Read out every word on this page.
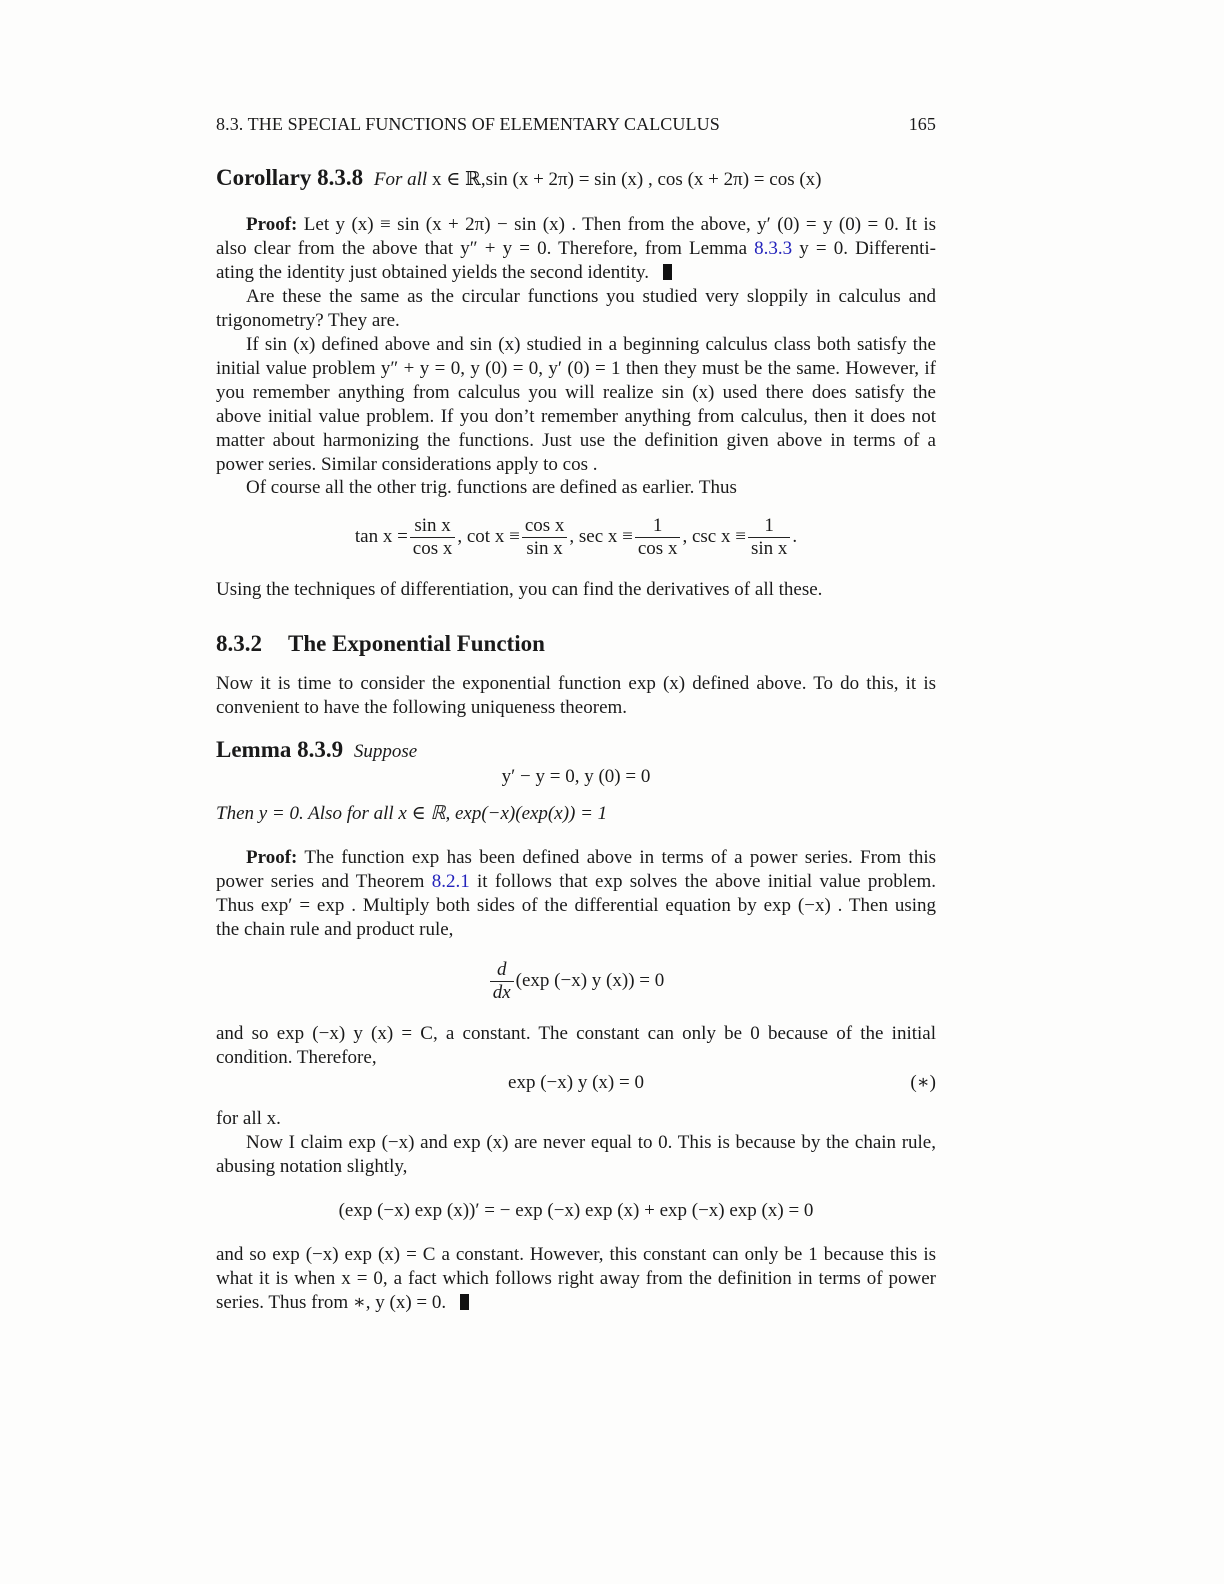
8.3. THE SPECIAL FUNCTIONS OF ELEMENTARY CALCULUS	165
Corollary 8.3.8 For all x ∈ ℝ,sin (x + 2π) = sin (x) , cos (x + 2π) = cos (x)
Proof: Let y (x) ≡ sin (x + 2π) − sin (x) . Then from the above, y′ (0) = y (0) = 0. It is
also clear from the above that y″ + y = 0. Therefore, from Lemma 8.3.3 y = 0. Differenti-
ating the identity just obtained yields the second identity.
Are these the same as the circular functions you studied very sloppily in calculus and trigonometry? They are.
If sin (x) defined above and sin (x) studied in a beginning calculus class both satisfy the initial value problem y″ + y = 0, y (0) = 0, y′ (0) = 1 then they must be the same. However, if you remember anything from calculus you will realize sin (x) used there does satisfy the above initial value problem. If you don’t remember anything from calculus, then it does not matter about harmonizing the functions. Just use the definition given above in terms of a power series. Similar considerations apply to cos .
Of course all the other trig. functions are defined as earlier. Thus
$\tan x = \frac{\text{sin x}}{\text{cos x}}$ , $\cot x \equiv \frac{\text{cos x}}{\text{sin x}}$ , $\sec x \equiv \frac{1}{\text{cos x}}$ , $\csc x \equiv \frac{1}{\text{sin x}}$ .
Using the techniques of differentiation, you can find the derivatives of all these.
8.3.2 The Exponential Function
Now it is time to consider the exponential function exp (x) defined above. To do this, it is convenient to have the following uniqueness theorem.
Lemma 8.3.9 Suppose
y′ − y = 0, y (0) = 0
Then y = 0. Also for all x ∈ ℝ, exp(−x)(exp(x)) = 1
Proof: The function exp has been defined above in terms of a power series. From this
power series and Theorem 8.2.1 it follows that exp solves the above initial value problem.
Thus exp′ = exp . Multiply both sides of the differential equation by exp (−x) . Then using
the chain rule and product rule,
$\frac{d}{dx} (\exp$ (−x) y (x)) = 0
and so exp (−x) y (x) = C, a constant. The constant can only be 0 because of the initial condition. Therefore,
exp (−x) y (x) = 0	(∗)
for all x.
Now I claim exp (−x) and exp (x) are never equal to 0. This is because by the chain rule, abusing notation slightly,
(exp (−x) exp (x))′ = − exp (−x) exp (x) + exp (−x) exp (x) = 0
and so exp (−x) exp (x) = C a constant. However, this constant can only be 1 because this is what it is when x = 0, a fact which follows right away from the definition in terms of power series. Thus from ∗, y (x) = 0.
